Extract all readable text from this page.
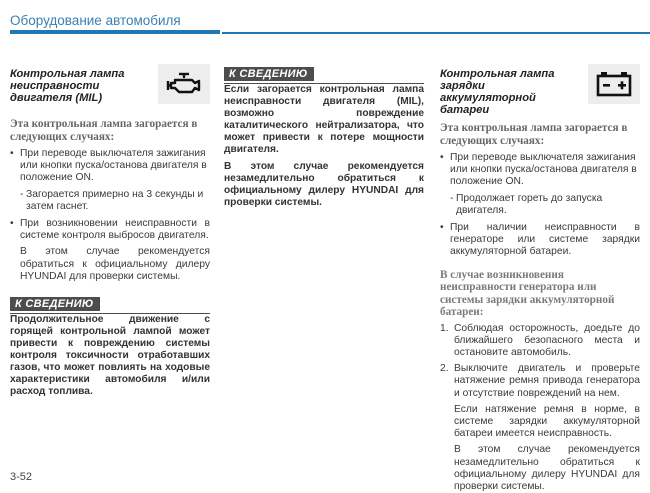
Оборудование автомобиля
Контрольная лампа неисправности двигателя (MIL)
Эта контрольная лампа загорается в следующих случаях:
• При переводе выключателя зажигания или кнопки пуска/останова двигателя в положение ON.
- Загорается примерно на 3 секунды и затем гаснет.
• При возникновении неисправности в системе контроля выбросов двигателя.
В этом случае рекомендуется обратиться к официальному дилеру HYUNDAI для проверки системы.
К СВЕДЕНИЮ
Продолжительное движение с горящей контрольной лампой может привести к повреждению системы контроля токсичности отработавших газов, что может повлиять на ходовые характеристики автомобиля и/или расход топлива.
К СВЕДЕНИЮ
Если загорается контрольная лампа неисправности двигателя (MIL), возможно повреждение каталитического нейтрализатора, что может привести к потере мощности двигателя.
В этом случае рекомендуется незамедлительно обратиться к официальному дилеру HYUNDAI для проверки системы.
Контрольная лампа зарядки аккумуляторной батареи
Эта контрольная лампа загорается в следующих случаях:
• При переводе выключателя зажигания или кнопки пуска/останова двигателя в положение ON.
- Продолжает гореть до запуска двигателя.
• При наличии неисправности в генераторе или системе зарядки аккумуляторной батареи.
В случае возникновения неисправности генератора или системы зарядки аккумуляторной батареи:
1. Соблюдая осторожность, доедьте до ближайшего безопасного места и остановите автомобиль.
2. Выключите двигатель и проверьте натяжение ремня привода генератора и отсутствие повреждений на нем.
Если натяжение ремня в норме, в системе зарядки аккумуляторной батареи имеется неисправность.
В этом случае рекомендуется незамедлительно обратиться к официальному дилеру HYUNDAI для проверки системы.
3-52
